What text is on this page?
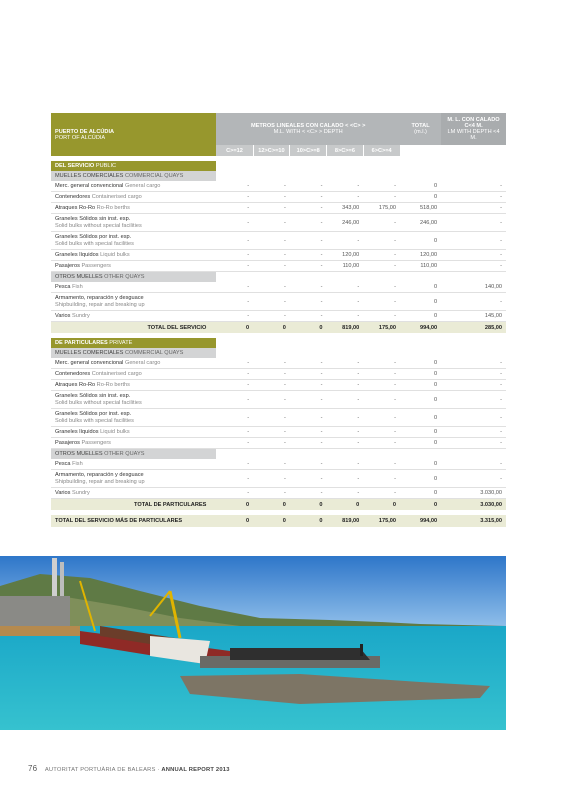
PUERTO DE ALCÚDIA
PORT OF ALCÚDIA	METROS LINEALES CON CALADO < <C> >
M.L. WITH < <C> > DEPTH					TOTAL
(m.l.)	M. L. CON CALADO C<4 M.
LM WITH DEPTH <4 M.

	C>=12	12>C>=10	10>C>=8	8>C>=6	6>C>=4		

DEL SERVICIO PUBLIC							
MUELLES COMERCIALES COMMERCIAL QUAYS							
Merc. general convencional General cargo	-	-	-	-	-	0	-
Contenedores Containerised cargo	-	-	-	-	-	0	-
Atraques Ro-Ro Ro-Ro berths	-	-	-	343,00	175,00	518,00	-
Graneles Sólidos sin inst. esp.
Solid bulks without special facilities	-	-	-	246,00	-	246,00	-
Graneles Sólidos por inst. esp.
Solid bulks with special facilities	-	-	-	-	-	0	-
Graneles líquidos Liquid bulks	-	-	-	120,00	-	120,00	-
Pasajeros Passengers	-	-	-	110,00	-	110,00	-
OTROS MUELLES OTHER QUAYS							
Pesca Fish	-	-	-	-	-	0	140,00
Armamento, reparación y desguace
Shipbuilding, repair and breaking up	-	-	-	-	-	0	-
Varios Sundry	-	-	-	-	-	0	145,00
TOTAL DEL SERVICIO	0	0	0	819,00	175,00	994,00	285,00

DE PARTICULARES PRIVATE							
MUELLES COMERCIALES COMMERCIAL QUAYS							
Merc. general convencional General cargo	-	-	-	-	-	0	-
Contenedores Containerised cargo	-	-	-	-	-	0	-
Atraques Ro-Ro Ro-Ro berths	-	-	-	-	-	0	-
Graneles Sólidos sin inst. esp.
Solid bulks without special facilities	-	-	-	-	-	0	-
Graneles Sólidos por inst. esp.
Solid bulks with special facilities	-	-	-	-	-	0	-
Graneles líquidos Liquid bulks	-	-	-	-	-	0	-
Pasajeros Passengers	-	-	-	-	-	0	-
OTROS MUELLES OTHER QUAYS							
Pesca Fish	-	-	-	-	-	0	-
Armamento, reparación y desguace
Shipbuilding, repair and breaking up	-	-	-	-	-	0	-
Varios Sundry	-	-	-	-	-	0	3.030,00
TOTAL DE PARTICULARES	0	0	0	0	0	0	3.030,00

TOTAL DEL SERVICIO MÁS DE PARTICULARES	0	0	0	819,00	175,00	994,00	3.315,00
76 AUTORITAT PORTUÀRIA DE BALEARS · ANNUAL REPORT 2013
